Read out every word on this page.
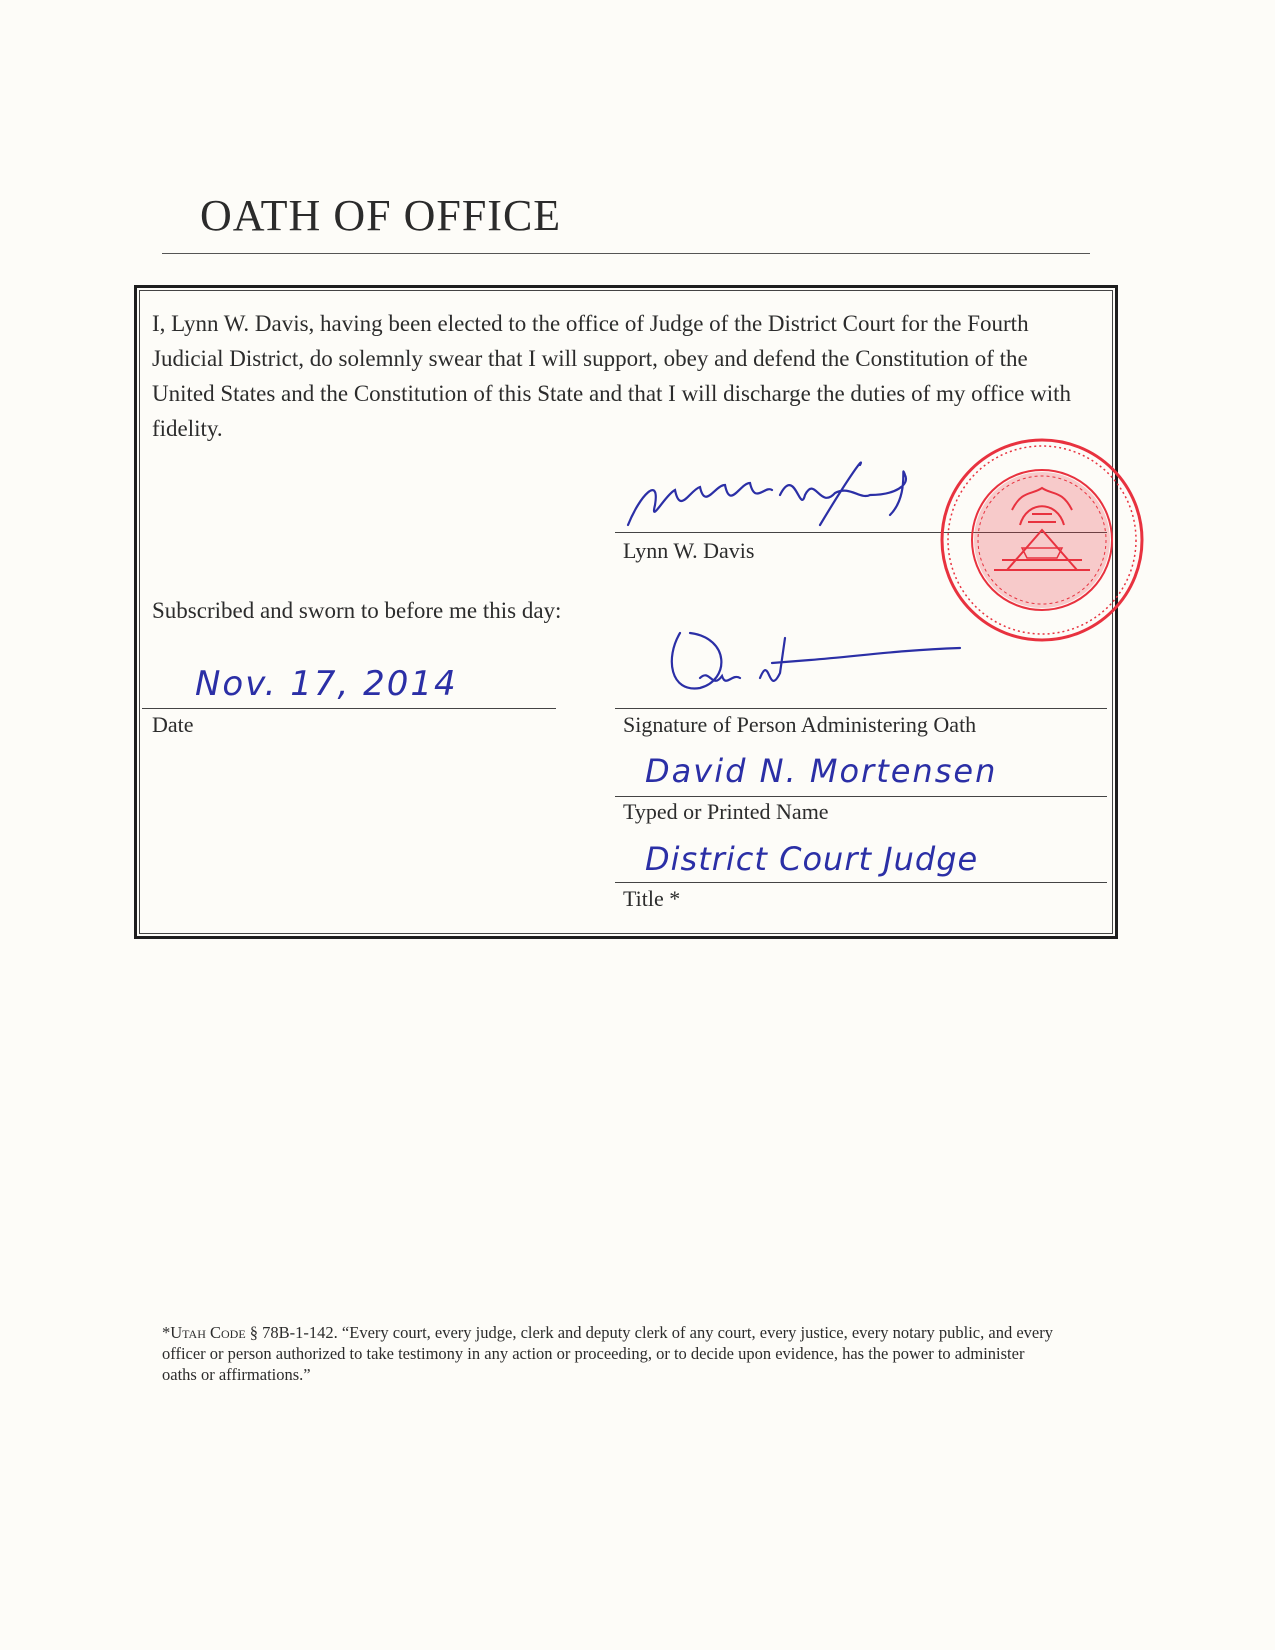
OATH OF OFFICE
I, Lynn W. Davis, having been elected to the office of Judge of the District Court for the Fourth Judicial District, do solemnly swear that I will support, obey and defend the Constitution of the United States and the Constitution of this State and that I will discharge the duties of my office with fidelity.
Lynn W. Davis
Subscribed and sworn to before me this day:
Nov. 17, 2014
Date	Signature of Person Administering Oath
David N. Mortensen
Typed or Printed Name
District Court Judge
Title *
*Utah Code § 78B-1-142. “Every court, every judge, clerk and deputy clerk of any court, every justice, every notary public, and every officer or person authorized to take testimony in any action or proceeding, or to decide upon evidence, has the power to administer oaths or affirmations.”
